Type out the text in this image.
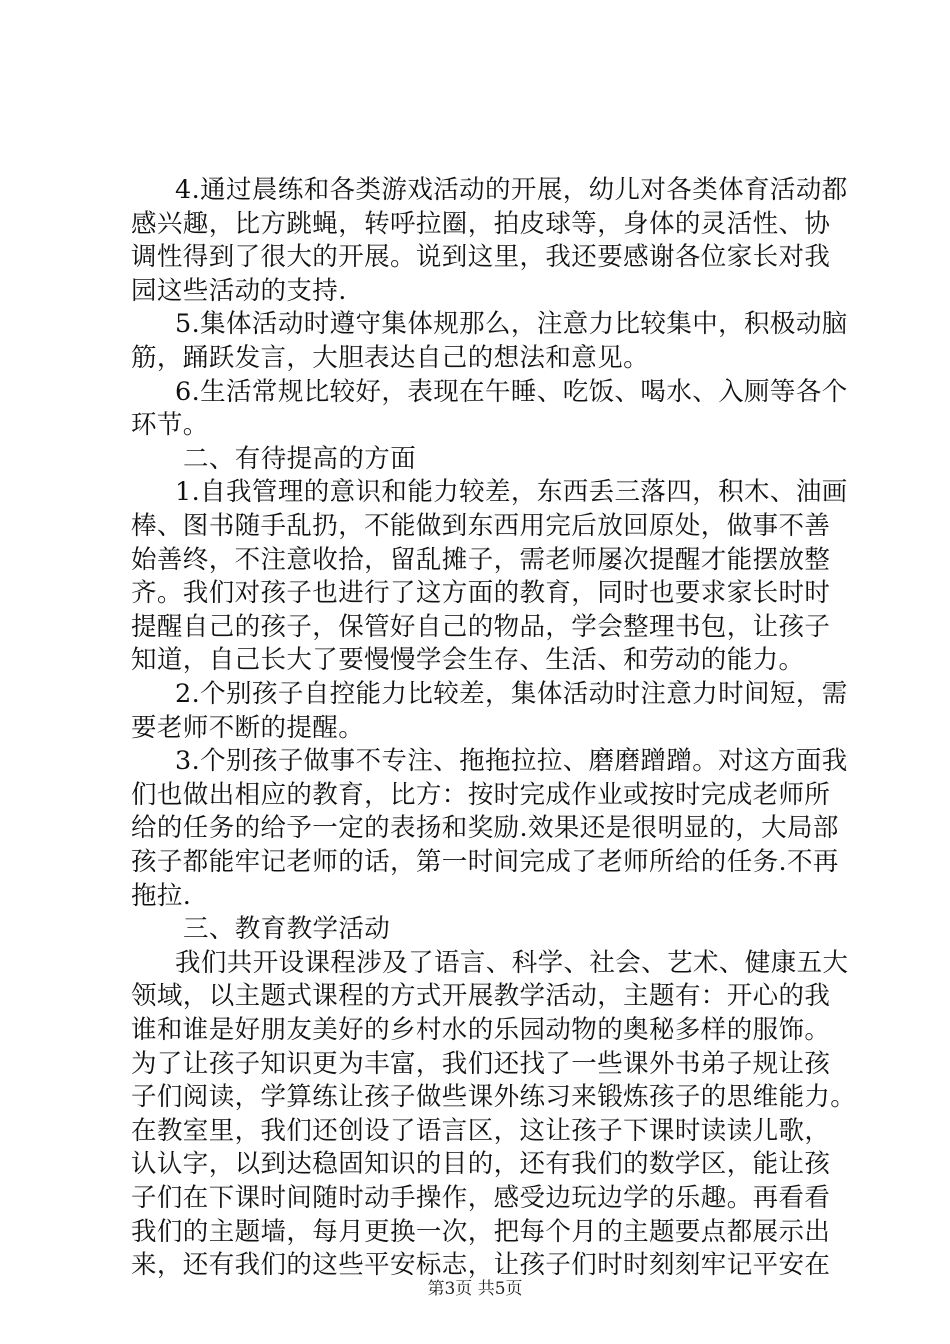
4.通过晨练和各类游戏活动的开展，幼儿对各类体育活动都
感兴趣，比方跳蝇，转呼拉圈，拍皮球等，身体的灵活性、协
调性得到了很大的开展。说到这里，我还要感谢各位家长对我
园这些活动的支持.
5.集体活动时遵守集体规那么，注意力比较集中，积极动脑
筋，踊跃发言，大胆表达自己的想法和意见。
6.生活常规比较好，表现在午睡、吃饭、喝水、入厕等各个
环节。
二、有待提高的方面
1.自我管理的意识和能力较差，东西丢三落四，积木、油画
棒、图书随手乱扔，不能做到东西用完后放回原处，做事不善
始善终，不注意收拾，留乱摊子，需老师屡次提醒才能摆放整
齐。我们对孩子也进行了这方面的教育，同时也要求家长时时
提醒自己的孩子，保管好自己的物品，学会整理书包，让孩子
知道，自己长大了要慢慢学会生存、生活、和劳动的能力。
2.个别孩子自控能力比较差，集体活动时注意力时间短，需
要老师不断的提醒。
3.个别孩子做事不专注、拖拖拉拉、磨磨蹭蹭。对这方面我
们也做出相应的教育，比方：按时完成作业或按时完成老师所
给的任务的给予一定的表扬和奖励.效果还是很明显的，大局部
孩子都能牢记老师的话，第一时间完成了老师所给的任务.不再
拖拉.
三、教育教学活动
我们共开设课程涉及了语言、科学、社会、艺术、健康五大
领域，以主题式课程的方式开展教学活动，主题有：开心的我
谁和谁是好朋友美好的乡村水的乐园动物的奥秘多样的服饰。
为了让孩子知识更为丰富，我们还找了一些课外书弟子规让孩
子们阅读，学算练让孩子做些课外练习来锻炼孩子的思维能力。
在教室里，我们还创设了语言区，这让孩子下课时读读儿歌，
认认字，以到达稳固知识的目的，还有我们的数学区，能让孩
子们在下课时间随时动手操作，感受边玩边学的乐趣。再看看
我们的主题墙，每月更换一次，把每个月的主题要点都展示出
来，还有我们的这些平安标志，让孩子们时时刻刻牢记平安在
第3页 共5页
